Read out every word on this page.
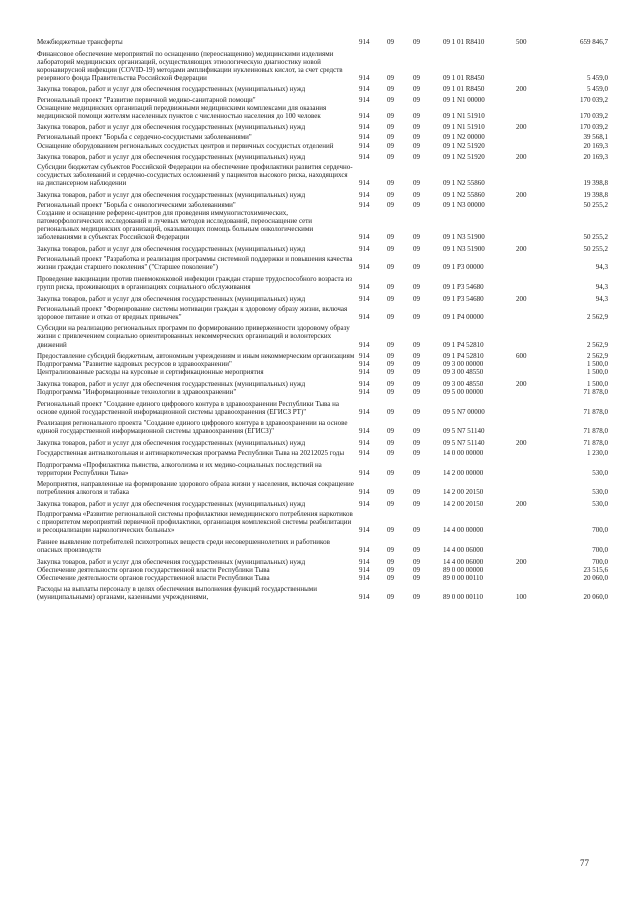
Межбюджетные трансферты	914	09	09	09 1 01 R8410	500	659 846,7
Финансовое обеспечение мероприятий по оснащению (переоснащению) медицинскими изделиями лабораторий медицинских организаций, осуществляющих этиологическую диагностику новой коронавирусной инфекции (COVID-19) методами амплификации нуклеиновых кислот, за счет средств резервного фонда Правительства Российской Федерации	914	09	09	09 1 01 R8450	5 459,0
Закупка товаров, работ и услуг для обеспечения государственных (муниципальных) нужд	914	09	09	09 1 01 R8450	200	5 459,0
Региональный проект "Развитие первичной медико-санитарной помощи"	914	09	09	09 1 N1 00000	170 039,2
Оснащение медицинских организаций передвижными медицинскими комплексами для оказания медицинской помощи жителям населенных пунктов с численностью населения до 100 человек	914	09	09	09 1 N1 51910	170 039,2
Закупка товаров, работ и услуг для обеспечения государственных (муниципальных) нужд	914	09	09	09 1 N1 51910	200	170 039,2
Региональный проект "Борьба с сердечно-сосудистыми заболеваниями"	914	09	09	09 1 N2 00000	39 568,1
Оснащение оборудованием региональных сосудистых центров и первичных сосудистых отделений	914	09	09	09 1 N2 51920	20 169,3
Закупка товаров, работ и услуг для обеспечения государственных (муниципальных) нужд	914	09	09	09 1 N2 51920	200	20 169,3
Субсидии бюджетам субъектов Российской Федерации на обеспечение профилактики развития сердечно-сосудистых заболеваний и сердечно-сосудистых осложнений у пациентов высокого риска, находящихся на диспансерном наблюдении	914	09	09	09 1 N2 55860	19 398,8
Закупка товаров, работ и услуг для обеспечения государственных (муниципальных) нужд	914	09	09	09 1 N2 55860	200	19 398,8
Региональный проект "Борьба с онкологическими заболеваниями"	914	09	09	09 1 N3 00000	50 255,2
Создание и оснащение референс-центров для проведения иммуногистохимических, патоморфологических исследований и лучевых методов исследований, переоснащение сети региональных медицинских организаций, оказывающих помощь больным онкологическими заболеваниями в субъектах Российской Федерации	914	09	09	09 1 N3 51900	50 255,2
Закупка товаров, работ и услуг для обеспечения государственных (муниципальных) нужд	914	09	09	09 1 N3 51900	200	50 255,2
Региональный проект "Разработка и реализация программы системной поддержки и повышения качества жизни граждан старшего поколения" ("Старшее поколение")	914	09	09	09 1 P3 00000	94,3
Проведение вакцинации против пневмококковой инфекции граждан старше трудоспособного возраста из групп риска, проживающих в организациях социального обслуживания	914	09	09	09 1 P3 54680	94,3
Закупка товаров, работ и услуг для обеспечения государственных (муниципальных) нужд	914	09	09	09 1 P3 54680	200	94,3
Региональный проект "Формирование системы мотивации граждан к здоровому образу жизни, включая здоровое питание и отказ от вредных привычек"	914	09	09	09 1 P4 00000	2 562,9
Субсидии на реализацию региональных программ по формированию приверженности здоровому образу жизни с привлечением социально ориентированных некоммерческих организаций и волонтерских движений	914	09	09	09 1 P4 52810	2 562,9
Предоставление субсидий бюджетным, автономным учреждениям и иным некоммерческим организациям 914	09	09	09 1 P4 52810	600	2 562,9
Подпрограмма "Развитие кадровых ресурсов в здравоохранении"	914	09	09	09 3 00 00000	1 500,0
Централизованные расходы на курсовые и сертификационные мероприятия	914	09	09	09 3 00 48550	1 500,0
Закупка товаров, работ и услуг для обеспечения государственных (муниципальных) нужд	914	09	09	09 3 00 48550	200	1 500,0
Подпрограмма "Информационные технологии в здравоохранении"	914	09	09	09 5 00 00000	71 878,0
Региональный проект "Создание единого цифрового контура в здравоохранении Республики Тыва на основе единой государственной информационной системы здравоохранения (ЕГИСЗ РТ)"	914	09	09	09 5 N7 00000	71 878,0
Реализация регионального проекта "Создание единого цифрового контура в здравоохранении на основе единой государственной информационной системы здравоохранения (ЕГИСЗ)"	914	09	09	09 5 N7 51140	71 878,0
Закупка товаров, работ и услуг для обеспечения государственных (муниципальных) нужд	914	09	09	09 5 N7 51140	200	71 878,0
Государственная антиалкогольная и антинаркотическая программа Республики Тыва на 20212025 годы	914	09	09	14 0 00 00000	1 230,0
Подпрограмма «Профилактика пьянства, алкоголизма и их медико-социальных последствий на территории Республики Тыва»	914	09	09	14 2 00 00000	530,0
Мероприятия, направленные на формирование здорового образа жизни у населения, включая сокращение потребления алкоголя и табака	914	09	09	14 2 00 20150	530,0
Закупка товаров, работ и услуг для обеспечения государственных (муниципальных) нужд	914	09	09	14 2 00 20150	200	530,0
Подпрограмма «Развитие региональной системы профилактики немедицинского потребления наркотиков с приоритетом мероприятий первичной профилактики, организация комплексной системы реабилитации и ресоциализации наркологических больных»	914	09	09	14 4 00 00000	700,0
Раннее выявление потребителей психотропных веществ среди несовершеннолетних и работников опасных производств	914	09	09	14 4 00 06000	700,0
Закупка товаров, работ и услуг для обеспечения государственных (муниципальных) нужд	914	09	09	14 4 00 06000	200	700,0
Обеспечение деятельности органов государственной власти Республики Тыва	914	09	09	89 0 00 00000	23 515,6
Обеспечение деятельности органов государственной власти Республики Тыва	914	09	09	89 0 00 00110	20 060,0
Расходы на выплаты персоналу в целях обеспечения выполнения функций государственными (муниципальными) органами, казенными учреждениями,	914	09	09	89 0 00 00110	100	20 060,0
77
